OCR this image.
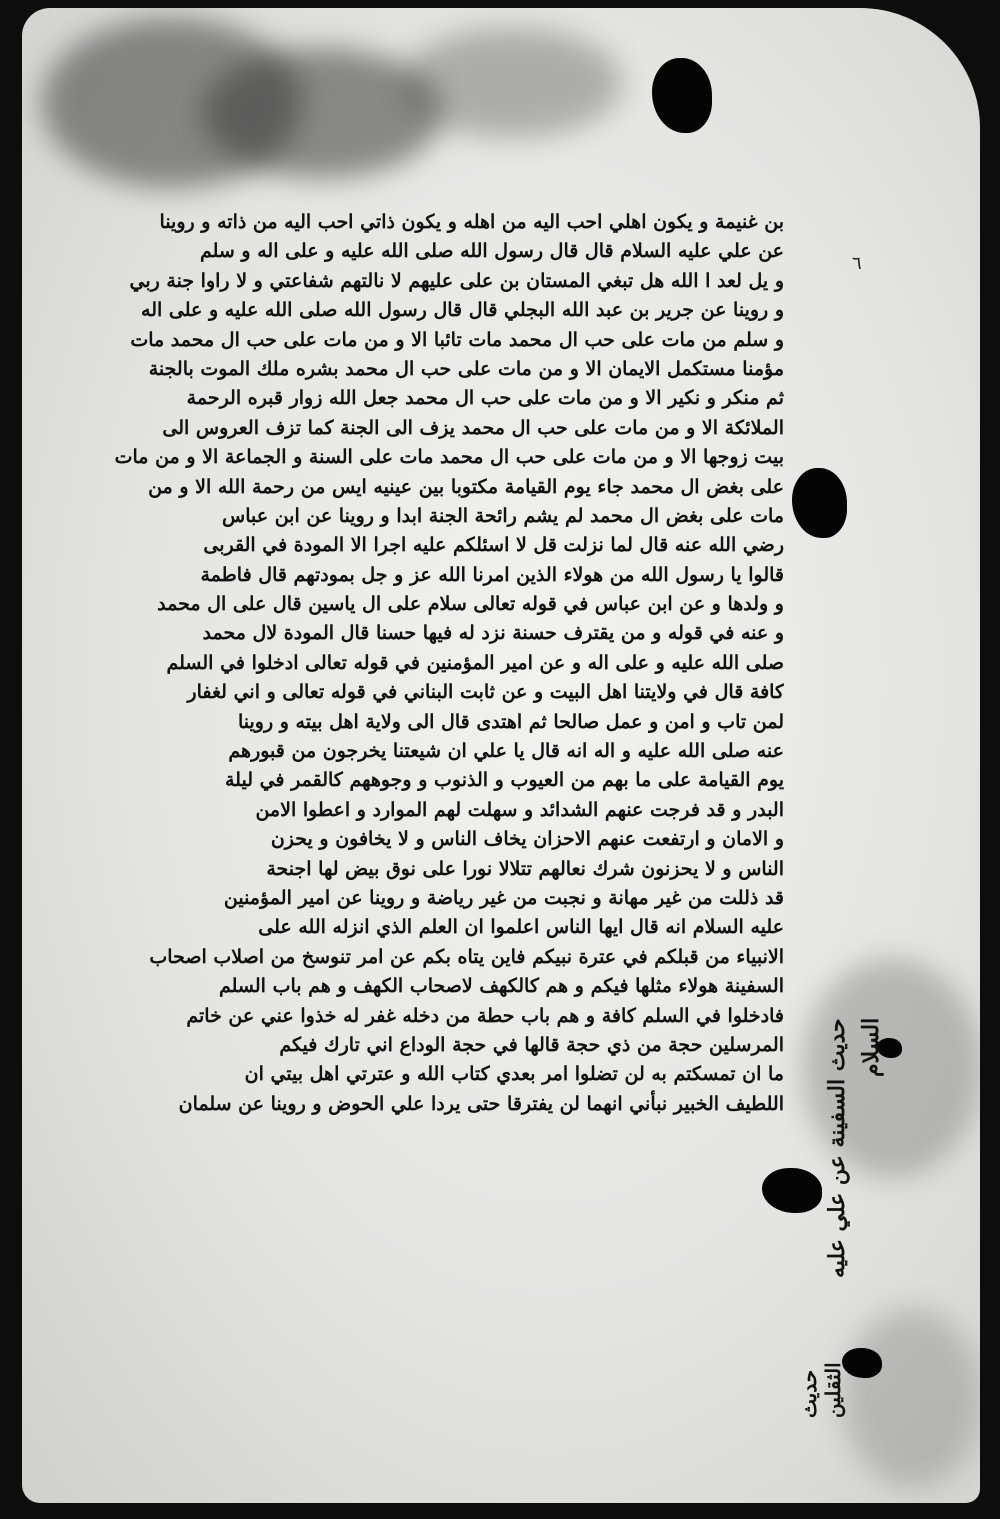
٦
بن غنيمة و يكون اهلي احب اليه من اهله و يكون ذاتي احب اليه من ذاته و روينا
عن علي عليه السلام قال قال رسول الله صلى الله عليه و على اله و سلم
و يل لعد ا الله هل تبغي المستان بن على عليهم لا نالتهم شفاعتي و لا راوا جنة ربي
و روينا عن جرير بن عبد الله البجلي قال قال رسول الله صلى الله عليه و على اله
و سلم من مات على حب ال محمد مات تائبا الا و من مات على حب ال محمد مات
مؤمنا مستكمل الايمان الا و من مات على حب ال محمد بشره ملك الموت بالجنة
ثم منكر و نكير الا و من مات على حب ال محمد جعل الله زوار قبره الرحمة
الملائكة الا و من مات على حب ال محمد يزف الى الجنة كما تزف العروس الى
بيت زوجها الا و من مات على حب ال محمد مات على السنة و الجماعة الا و من مات
على بغض ال محمد جاء يوم القيامة مكتوبا بين عينيه ايس من رحمة الله الا و من
مات على بغض ال محمد لم يشم رائحة الجنة ابدا و روينا عن ابن عباس
رضي الله عنه قال لما نزلت قل لا اسئلكم عليه اجرا الا المودة في القربى
قالوا يا رسول الله من هولاء الذين امرنا الله عز و جل بمودتهم قال فاطمة
و ولدها و عن ابن عباس في قوله تعالى سلام على ال ياسين قال على ال محمد
و عنه في قوله و من يقترف حسنة نزد له فيها حسنا قال المودة لال محمد
صلى الله عليه و على اله و عن امير المؤمنين في قوله تعالى ادخلوا في السلم
كافة قال في ولايتنا اهل البيت و عن ثابت البناني في قوله تعالى و اني لغفار
لمن تاب و امن و عمل صالحا ثم اهتدى قال الى ولاية اهل بيته و روينا
عنه صلى الله عليه و اله انه قال يا علي ان شيعتنا يخرجون من قبورهم
يوم القيامة على ما بهم من العيوب و الذنوب و وجوههم كالقمر في ليلة
البدر و قد فرجت عنهم الشدائد و سهلت لهم الموارد و اعطوا الامن
و الامان و ارتفعت عنهم الاحزان يخاف الناس و لا يخافون و يحزن
الناس و لا يحزنون شرك نعالهم تتلالا نورا على نوق بيض لها اجنحة
قد ذللت من غير مهانة و نجبت من غير رياضة و روينا عن امير المؤمنين
عليه السلام انه قال ايها الناس اعلموا ان العلم الذي انزله الله على
الانبياء من قبلكم في عترة نبيكم فاين يتاه بكم عن امر تنوسخ من اصلاب اصحاب
السفينة هولاء مثلها فيكم و هم كالكهف لاصحاب الكهف و هم باب السلم
فادخلوا في السلم كافة و هم باب حطة من دخله غفر له خذوا عني عن خاتم
المرسلين حجة من ذي حجة قالها في حجة الوداع اني تارك فيكم
ما ان تمسكتم به لن تضلوا امر بعدي كتاب الله و عترتي اهل بيتي ان
اللطيف الخبير نبأني انهما لن يفترقا حتى يردا علي الحوض و روينا عن سلمان حديث السفينة عن علي عليه السلام
حديث الثقلين
